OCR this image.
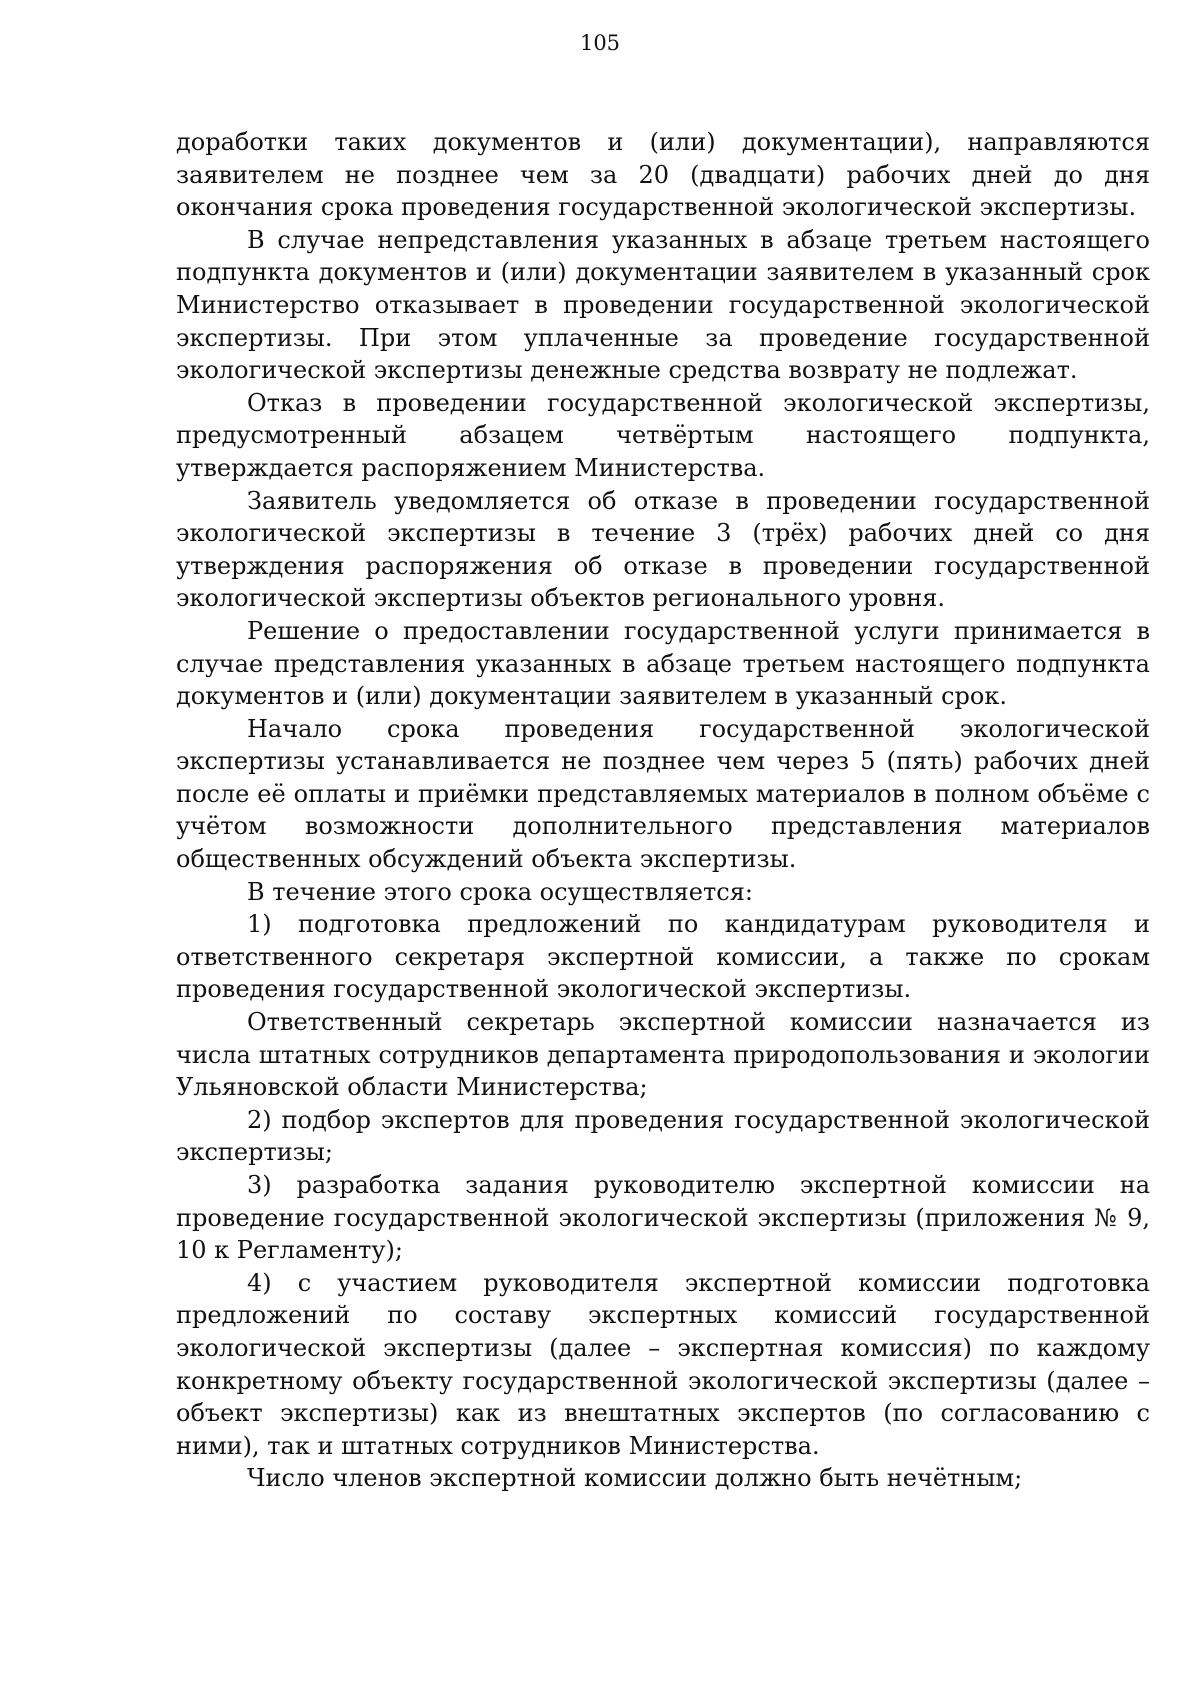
105

доработки таких документов и (или) документации), направляются заявителем не позднее чем за 20 (двадцати) рабочих дней до дня окончания срока проведения государственной экологической экспертизы.

В случае непредставления указанных в абзаце третьем настоящего подпункта документов и (или) документации заявителем в указанный срок Министерство отказывает в проведении государственной экологической экспертизы. При этом уплаченные за проведение государственной экологической экспертизы денежные средства возврату не подлежат.

Отказ в проведении государственной экологической экспертизы, предусмотренный абзацем четвёртым настоящего подпункта, утверждается распоряжением Министерства.

Заявитель уведомляется об отказе в проведении государственной экологической экспертизы в течение 3 (трёх) рабочих дней со дня утверждения распоряжения об отказе в проведении государственной экологической экспертизы объектов регионального уровня.

Решение о предоставлении государственной услуги принимается в случае представления указанных в абзаце третьем настоящего подпункта документов и (или) документации заявителем в указанный срок.

Начало срока проведения государственной экологической экспертизы устанавливается не позднее чем через 5 (пять) рабочих дней после её оплаты и приёмки представляемых материалов в полном объёме с учётом возможности дополнительного представления материалов общественных обсуждений объекта экспертизы.

В течение этого срока осуществляется:

1) подготовка предложений по кандидатурам руководителя и ответственного секретаря экспертной комиссии, а также по срокам проведения государственной экологической экспертизы.

Ответственный секретарь экспертной комиссии назначается из числа штатных сотрудников департамента природопользования и экологии Ульяновской области Министерства;

2) подбор экспертов для проведения государственной экологической экспертизы;

3) разработка задания руководителю экспертной комиссии на проведение государственной экологической экспертизы (приложения № 9, 10 к Регламенту);

4) с участием руководителя экспертной комиссии подготовка предложений по составу экспертных комиссий государственной экологической экспертизы (далее – экспертная комиссия) по каждому конкретному объекту государственной экологической экспертизы (далее – объект экспертизы) как из внештатных экспертов (по согласованию с ними), так и штатных сотрудников Министерства.

Число членов экспертной комиссии должно быть нечётным;
